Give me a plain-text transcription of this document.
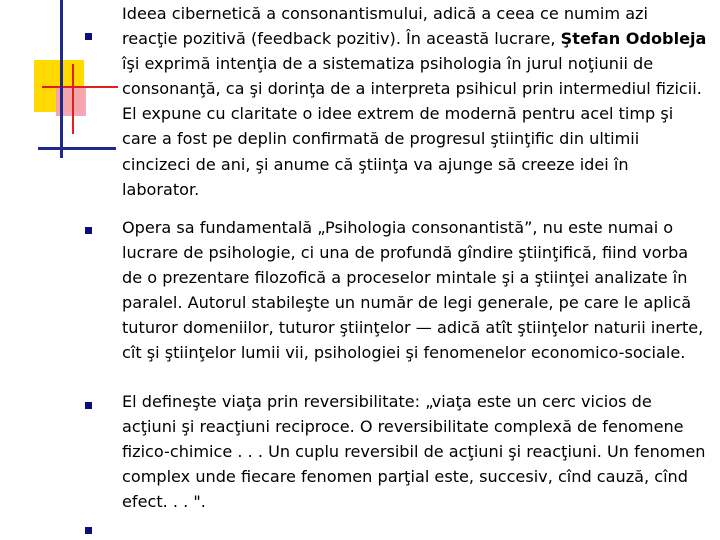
Ideea cibernetică a consonantismului, adică a ceea ce numim azi reacţie pozitivă (feedback pozitiv). În această lucrare, Ştefan Odobleja îşi exprimă intenţia de a sistematiza psihologia în jurul noţiunii de consonanţă, ca şi dorinţa de a interpreta psihicul prin intermediul fizicii. El expune cu claritate o idee extrem de modernă pentru acel timp şi care a fost pe deplin confirmată de progresul ştiinţific din ultimii cincizeci de ani, şi anume că ştiinţa va ajunge să creeze idei în laborator.
Opera sa fundamentală „Psihologia consonantistă”, nu este numai o lucrare de psihologie, ci una de profundă gîndire ştiinţifică, fiind vorba de o prezentare filozofică a proceselor mintale şi a ştiinţei analizate în paralel. Autorul stabileşte un număr de legi generale, pe care le aplică tuturor domeniilor, tuturor ştiinţelor — adică atît ştiinţelor naturii inerte, cît şi ştiinţelor lumii vii, psihologiei şi fenomenelor economico-sociale.
El defineşte viaţa prin reversibilitate: „viaţa este un cerc vicios de acţiuni şi reacţiuni reciproce. O reversibilitate complexă de fenomene fizico-chimice . . . Un cuplu reversibil de acţiuni şi reacţiuni. Un fenomen complex unde fiecare fenomen parţial este, succesiv, cînd cauză, cînd efect. . . ".
